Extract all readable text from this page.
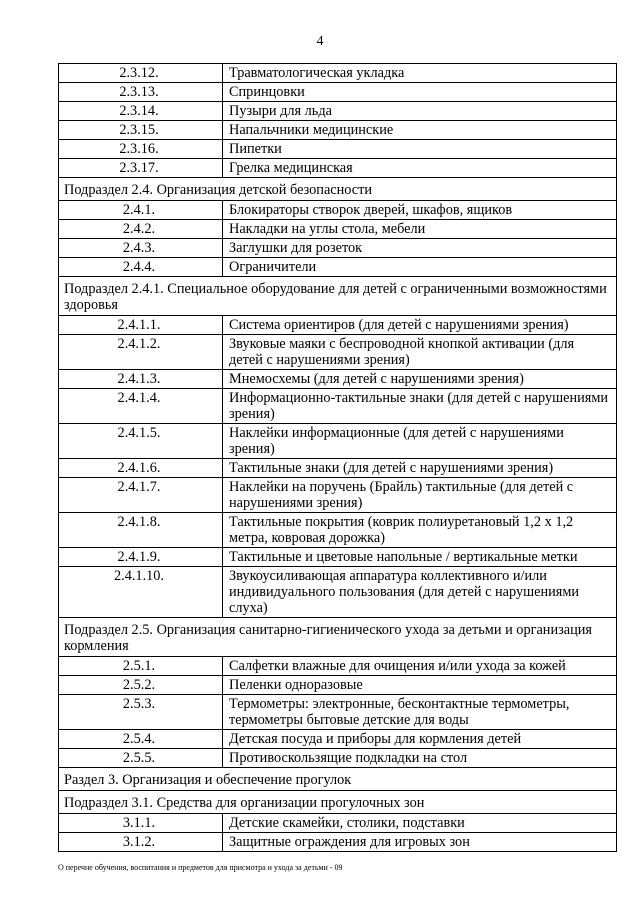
4
2.3.12.	Травматологическая укладка
2.3.13.	Спринцовки
2.3.14.	Пузыри для льда
2.3.15.	Напальчники медицинские
2.3.16.	Пипетки
2.3.17.	Грелка медицинская
Подраздел 2.4. Организация детской безопасности	
2.4.1.	Блокираторы створок дверей, шкафов, ящиков
2.4.2.	Накладки на углы стола, мебели
2.4.3.	Заглушки для розеток
2.4.4.	Ограничители
Подраздел 2.4.1. Специальное оборудование для детей с ограниченными возможностями здоровья	
2.4.1.1.	Система ориентиров (для детей с нарушениями зрения)
2.4.1.2.	Звуковые маяки с беспроводной кнопкой активации (для детей с нарушениями зрения)
2.4.1.3.	Мнемосхемы (для детей с нарушениями зрения)
2.4.1.4.	Информационно-тактильные знаки (для детей с нарушениями зрения)
2.4.1.5.	Наклейки информационные (для детей с нарушениями зрения)
2.4.1.6.	Тактильные знаки (для детей с нарушениями зрения)
2.4.1.7.	Наклейки на поручень (Брайль) тактильные (для детей с нарушениями зрения)
2.4.1.8.	Тактильные покрытия (коврик полиуретановый 1,2 x 1,2 метра, ковровая дорожка)
2.4.1.9.	Тактильные и цветовые напольные / вертикальные метки
2.4.1.10.	Звукоусиливающая аппаратура коллективного и/или индивидуального пользования (для детей с нарушениями слуха)
Подраздел 2.5. Организация санитарно-гигиенического ухода за детьми и организация кормления	
2.5.1.	Салфетки влажные для очищения и/или ухода за кожей
2.5.2.	Пеленки одноразовые
2.5.3.	Термометры: электронные, бесконтактные термометры, термометры бытовые детские для воды
2.5.4.	Детская посуда и приборы для кормления детей
2.5.5.	Противоскользящие подкладки на стол
Раздел 3. Организация и обеспечение прогулок	
Подраздел 3.1. Средства для организации прогулочных зон	
3.1.1.	Детские скамейки, столики, подставки
3.1.2.	Защитные ограждения для игровых зон
О перечне обучения, воспитания и предметов для присмотра и ухода за детьми - 09
